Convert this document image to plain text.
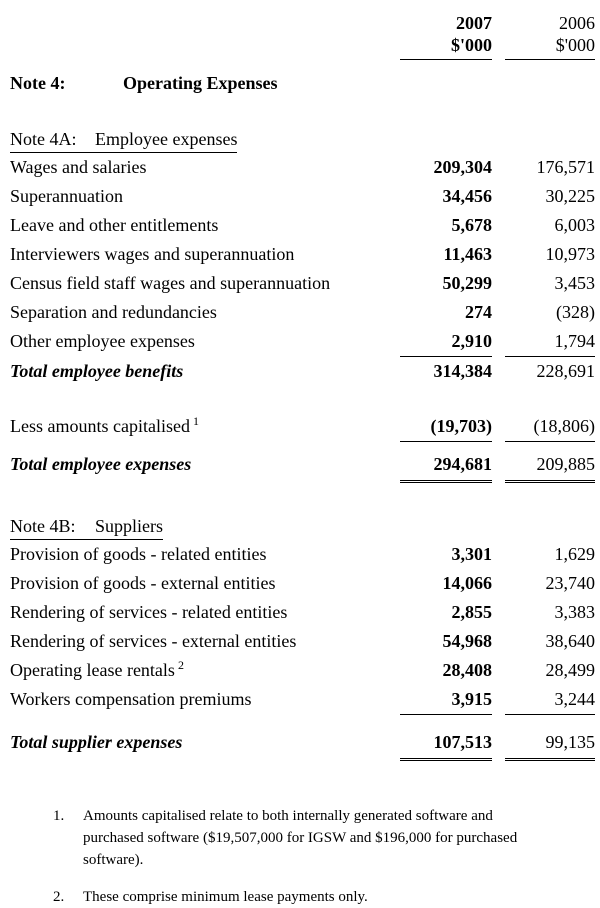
2007	2006
$'000	$'000
Note 4:	Operating Expenses
Note 4A:	Employee expenses
Wages and salaries	209,304	176,571
Superannuation	34,456	30,225
Leave and other entitlements	5,678	6,003
Interviewers wages and superannuation	11,463	10,973
Census field staff wages and superannuation	50,299	3,453
Separation and redundancies	274	(328)
Other employee expenses	2,910	1,794
Total employee benefits	314,384	228,691
Less amounts capitalised $^1$	(19,703)	(18,806)
Total employee expenses	294,681	209,885
Note 4B:	Suppliers
Provision of goods - related entities	3,301	1,629
Provision of goods - external entities	14,066	23,740
Rendering of services - related entities	2,855	3,383
Rendering of services - external entities	54,968	38,640
Operating lease rentals $^2$	28,408	28,499
Workers compensation premiums	3,915	3,244
Total supplier expenses	107,513	99,135
1.	Amounts capitalised relate to both internally generated software and purchased software ($19,507,000 for IGSW and $196,000 for purchased software).
2.	These comprise minimum lease payments only.
